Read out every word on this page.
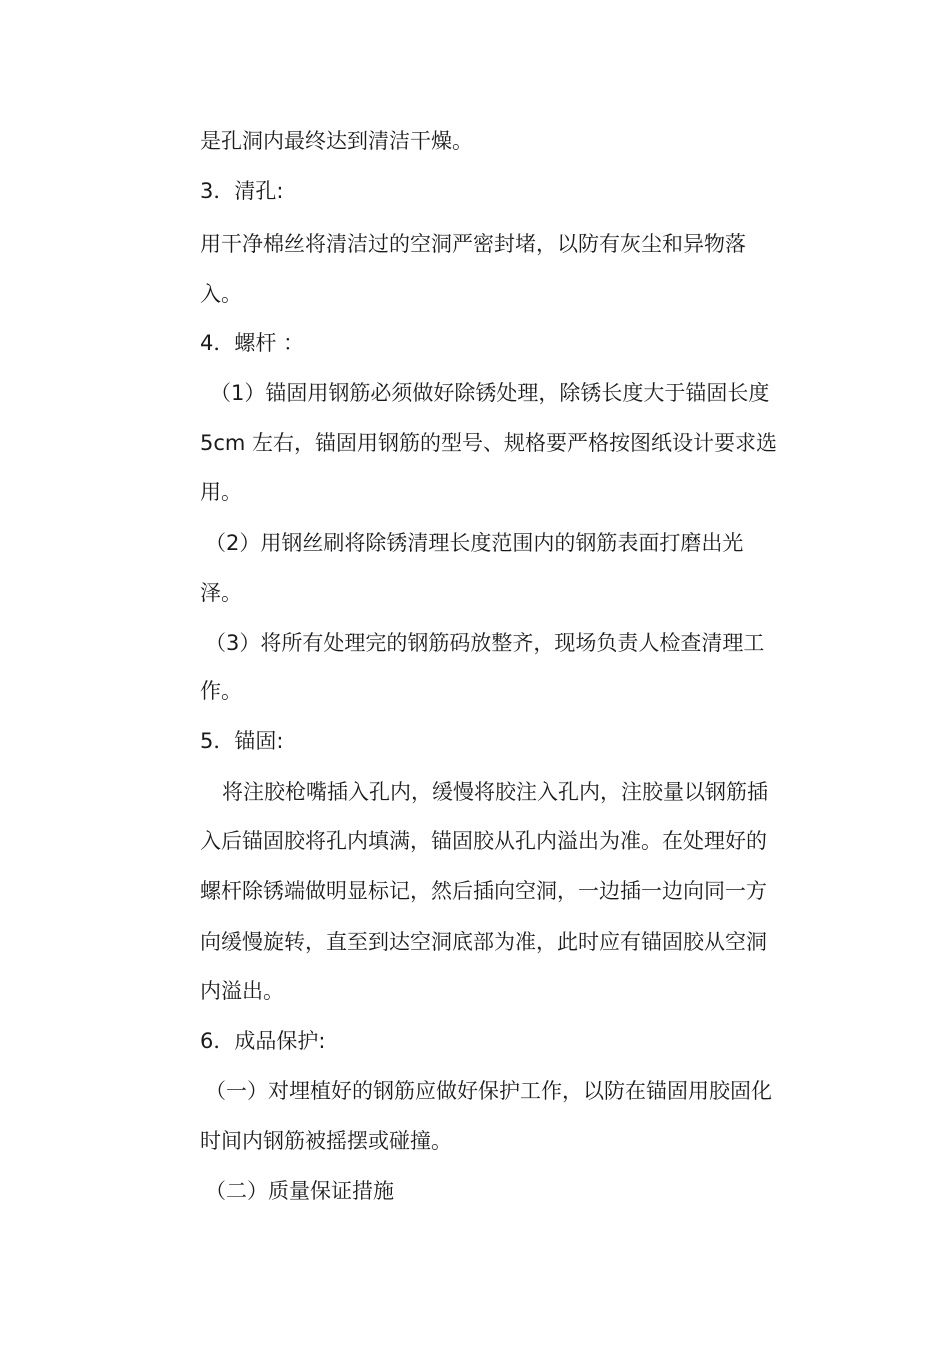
是孔洞内最终达到清洁干燥。
3．清孔:
用干净棉丝将清洁过的空洞严密封堵，以防有灰尘和异物落
入。
4．螺杆 ：
（1）锚固用钢筋必须做好除锈处理，除锈长度大于锚固长度
5cm 左右，锚固用钢筋的型号、规格要严格按图纸设计要求选
用。
（2）用钢丝刷将除锈清理长度范围内的钢筋表面打磨出光
泽。
（3）将所有处理完的钢筋码放整齐，现场负责人检查清理工
作。
5．锚固:
将注胶枪嘴插入孔内，缓慢将胶注入孔内，注胶量以钢筋插
入后锚固胶将孔内填满，锚固胶从孔内溢出为准。在处理好的
螺杆除锈端做明显标记，然后插向空洞，一边插一边向同一方
向缓慢旋转，直至到达空洞底部为准，此时应有锚固胶从空洞
内溢出。
6．成品保护:
（一）对埋植好的钢筋应做好保护工作，以防在锚固用胶固化
时间内钢筋被摇摆或碰撞。
（二）质量保证措施
